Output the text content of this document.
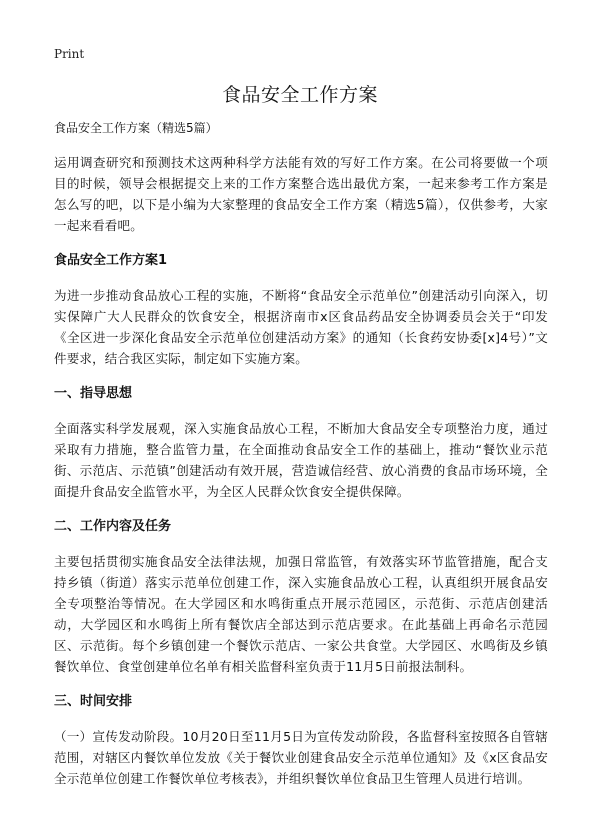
Print
食品安全工作方案
食品安全工作方案（精选5篇）

运用调查研究和预测技术这两种科学方法能有效的写好工作方案。在公司将要做一个项目的时候，领导会根据提交上来的工作方案整合选出最优方案，一起来参考工作方案是怎么写的吧，以下是小编为大家整理的食品安全工作方案（精选5篇），仅供参考，大家一起来看看吧。

食品安全工作方案1

为进一步推动食品放心工程的实施，不断将“食品安全示范单位”创建活动引向深入，切实保障广大人民群众的饮食安全，根据济南市x区食品药品安全协调委员会关于“印发《全区进一步深化食品安全示范单位创建活动方案》的通知（长食药安协委[x]4号）”文件要求，结合我区实际，制定如下实施方案。

一、指导思想

全面落实科学发展观，深入实施食品放心工程，不断加大食品安全专项整治力度，通过采取有力措施，整合监管力量，在全面推动食品安全工作的基础上，推动“餐饮业示范街、示范店、示范镇”创建活动有效开展，营造诚信经营、放心消费的食品市场环境，全面提升食品安全监管水平，为全区人民群众饮食安全提供保障。

二、工作内容及任务

主要包括贯彻实施食品安全法律法规，加强日常监管，有效落实环节监管措施，配合支持乡镇（街道）落实示范单位创建工作，深入实施食品放心工程，认真组织开展食品安全专项整治等情况。在大学园区和水鸣街重点开展示范园区，示范街、示范店创建活动，大学园区和水鸣街上所有餐饮店全部达到示范店要求。在此基础上再命名示范园区、示范街。每个乡镇创建一个餐饮示范店、一家公共食堂。大学园区、水鸣街及乡镇餐饮单位、食堂创建单位名单有相关监督科室负责于11月5日前报法制科。

三、时间安排

（一）宣传发动阶段。10月20日至11月5日为宣传发动阶段，各监督科室按照各自管辖范围，对辖区内餐饮单位发放《关于餐饮业创建食品安全示范单位通知》及《x区食品安全示范单位创建工作餐饮单位考核表》，并组织餐饮单位食品卫生管理人员进行培训。
